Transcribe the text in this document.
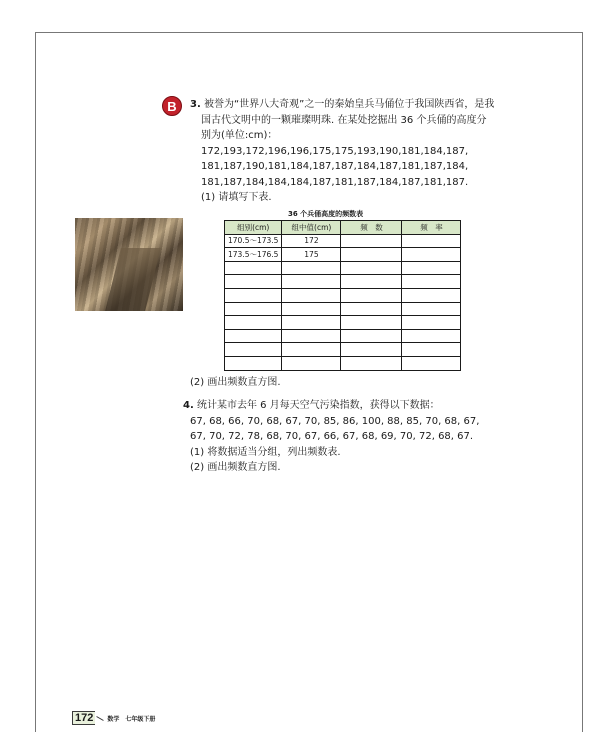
B	3. 被誉为“世界八大奇观”之一的秦始皇兵马俑位于我国陕西省，是我
国古代文明中的一颗璀璨明珠. 在某处挖掘出 36 个兵俑的高度分
别为(单位:cm)：
172,193,172,196,196,175,175,193,190,181,184,187,
181,187,190,181,184,187,187,184,187,181,187,184,
181,187,184,184,184,187,181,187,184,187,181,187.
(1) 请填写下表.
36 个兵俑高度的频数表
组别(cm)	组中值(cm)	频　数	频　率
170.5～173.5	172		
173.5～176.5	175		

(2) 画出频数直方图.
4. 统计某市去年 6 月每天空气污染指数，获得以下数据：
67, 68, 66, 70, 68, 67, 70, 85, 86, 100, 88, 85, 70, 68, 67,
67, 70, 72, 78, 68, 70, 67, 66, 67, 68, 69, 70, 72, 68, 67.
(1) 将数据适当分组，列出频数表.
(2) 画出频数直方图.
172	数学　七年级下册
